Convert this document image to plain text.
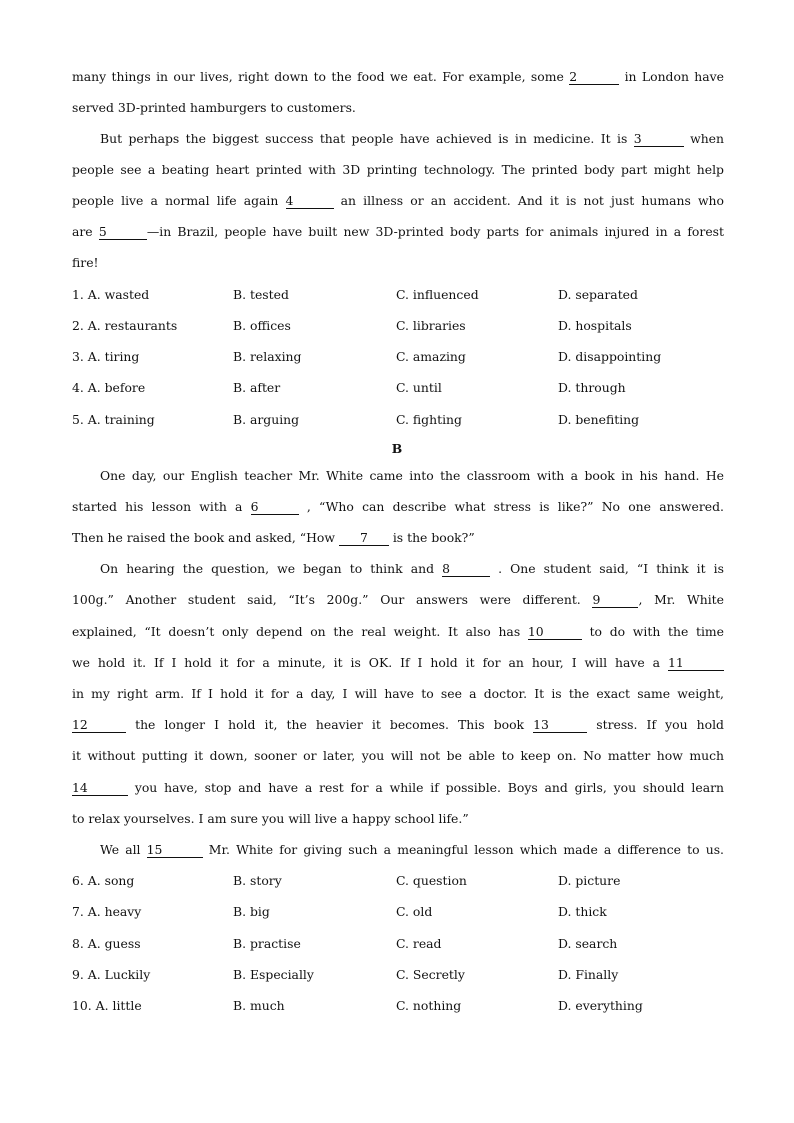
many things in our lives, right down to the food we eat. For example, some 2	in London have
served 3D-printed hamburgers to customers.
But perhaps the biggest success that people have achieved is in medicine. It is 3	when
people see a beating heart printed with 3D printing technology. The printed body part might help
people live a normal life again 4	an illness or an accident. And it is not just humans who
are 5	—in Brazil, people have built new 3D-printed body parts for animals injured in a forest
fire!
1. A. wasted	B. tested	C. influenced	D. separated
2. A. restaurants	B. offices	C. libraries	D. hospitals
3. A. tiring	B. relaxing	C. amazing	D. disappointing
4. A. before	B. after	C. until	D. through
5. A. training	B. arguing	C. fighting	D. benefiting
B
One day, our English teacher Mr. White came into the classroom with a book in his hand. He
started his lesson with a 6	, “Who can describe what stress is like?” No one answered.
Then he raised the book and asked, “How 7 is the book?”
On hearing the question, we began to think and 8	. One student said, “I think it is
100g.” Another student said, “It’s 200g.” Our answers were different. 9	, Mr. White
explained, “It doesn’t only depend on the real weight. It also has 10	to do with the time
we hold it. If I hold it for a minute, it is OK. If I hold it for an hour, I will have a 11
in my right arm. If I hold it for a day, I will have to see a doctor. It is the exact same weight,
12	the longer I hold it, the heavier it becomes. This book 13	stress. If you hold
it without putting it down, sooner or later, you will not be able to keep on. No matter how much
14	you have, stop and have a rest for a while if possible. Boys and girls, you should learn
to relax yourselves. I am sure you will live a happy school life.”
We all 15	Mr. White for giving such a meaningful lesson which made a difference to us.
6. A. song	B. story	C. question	D. picture
7. A. heavy	B. big	C. old	D. thick
8. A. guess	B. practise	C. read	D. search
9. A. Luckily	B. Especially	C. Secretly	D. Finally
10. A. little	B. much	C. nothing	D. everything
